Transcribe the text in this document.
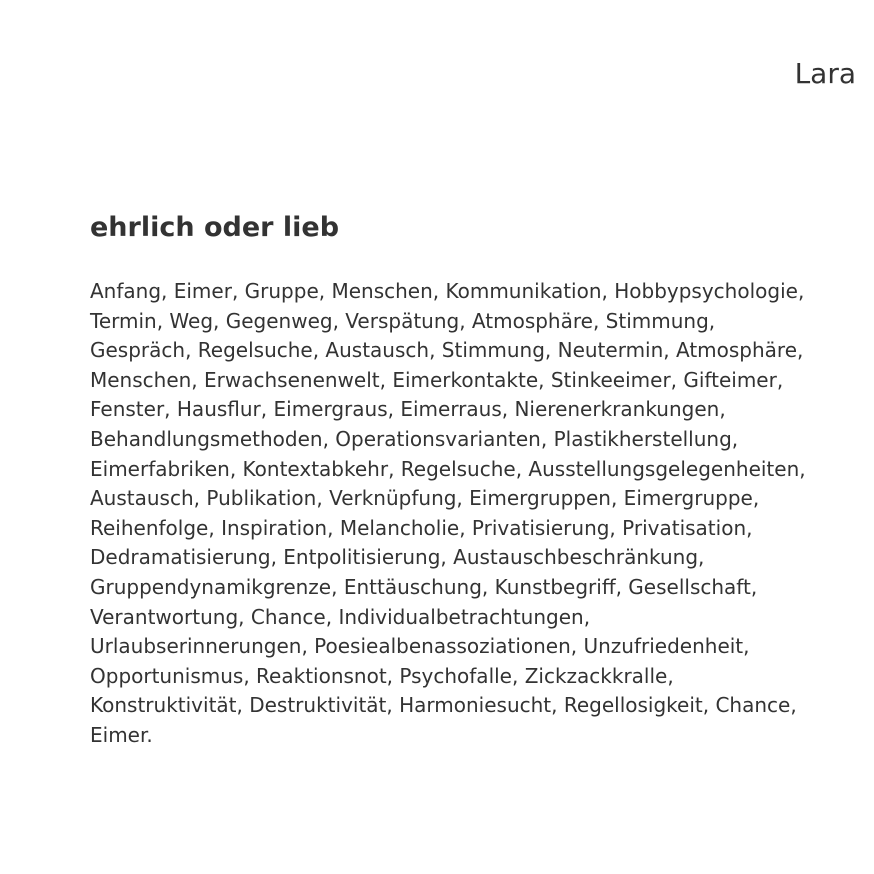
Lara
ehrlich oder lieb
Anfang, Eimer, Gruppe, Menschen, Kommunikation, Hobbypsychologie,
Termin, Weg, Gegenweg, Verspätung, Atmosphäre, Stimmung,
Gespräch, Regelsuche, Austausch, Stimmung, Neutermin, Atmosphäre,
Menschen, Erwachsenenwelt, Eimerkontakte, Stinkeeimer, Gifteimer,
Fenster, Hausflur, Eimergraus, Eimerraus, Nierenerkrankungen,
Behandlungsmethoden, Operationsvarianten, Plastikherstellung,
Eimerfabriken, Kontextabkehr, Regelsuche, Ausstellungsgelegenheiten,
Austausch, Publikation, Verknüpfung, Eimergruppen, Eimergruppe,
Reihenfolge, Inspiration, Melancholie, Privatisierung, Privatisation,
Dedramatisierung, Entpolitisierung, Austauschbeschränkung,
Gruppendynamikgrenze, Enttäuschung, Kunstbegriff, Gesellschaft,
Verantwortung, Chance, Individualbetrachtungen,
Urlaubserinnerungen, Poesiealbenassoziationen, Unzufriedenheit,
Opportunismus, Reaktionsnot, Psychofalle, Zickzackkralle,
Konstruktivität, Destruktivität, Harmoniesucht, Regellosigkeit, Chance,
Eimer.
